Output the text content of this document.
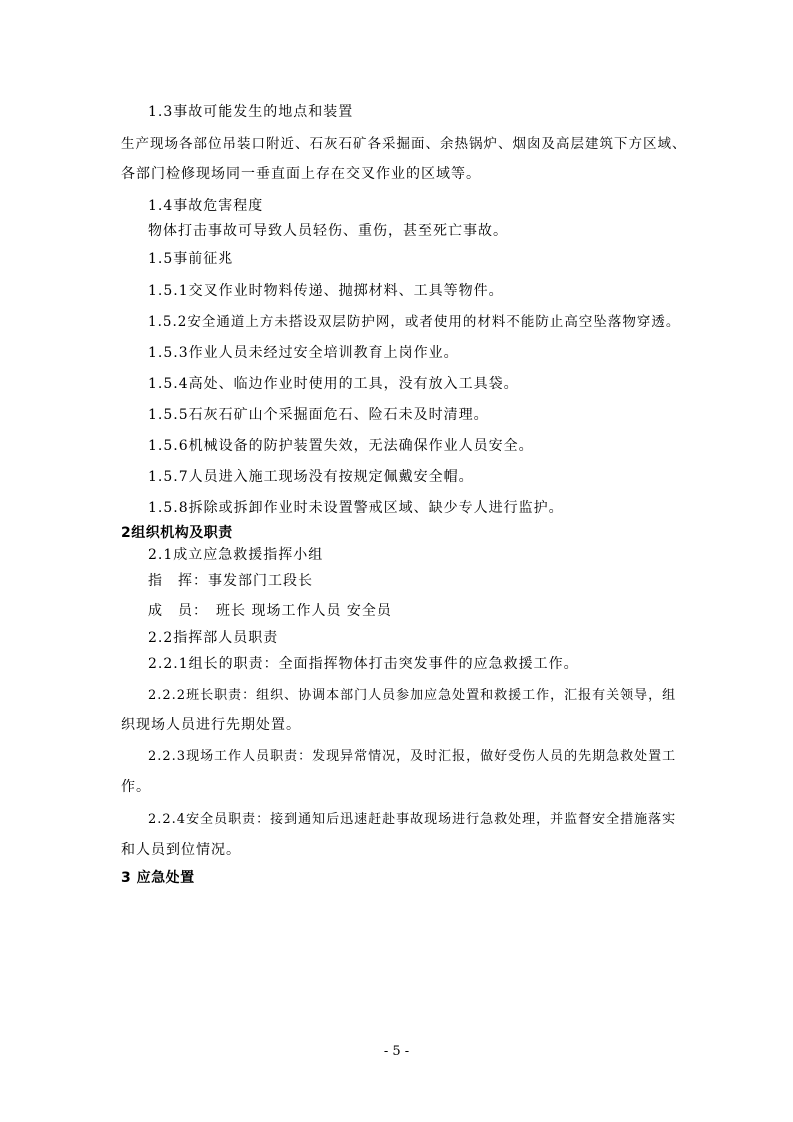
1.3事故可能发生的地点和装置
生产现场各部位吊装口附近、石灰石矿各采掘面、余热锅炉、烟囱及高层建筑下方区域、
各部门检修现场同一垂直面上存在交叉作业的区域等。
1.4事故危害程度
物体打击事故可导致人员轻伤、重伤，甚至死亡事故。
1.5事前征兆
1.5.1交叉作业时物料传递、抛掷材料、工具等物件。
1.5.2安全通道上方未搭设双层防护网，或者使用的材料不能防止高空坠落物穿透。
1.5.3作业人员未经过安全培训教育上岗作业。
1.5.4高处、临边作业时使用的工具，没有放入工具袋。
1.5.5石灰石矿山个采掘面危石、险石未及时清理。
1.5.6机械设备的防护装置失效，无法确保作业人员安全。
1.5.7人员进入施工现场没有按规定佩戴安全帽。
1.5.8拆除或拆卸作业时未设置警戒区域、缺少专人进行监护。
2组织机构及职责
2.1成立应急救援指挥小组
指　挥：事发部门工段长
成　员：　班长 现场工作人员 安全员
2.2指挥部人员职责
2.2.1组长的职责：全面指挥物体打击突发事件的应急救援工作。
2.2.2班长职责：组织、协调本部门人员参加应急处置和救援工作，汇报有关领导，组
织现场人员进行先期处置。
2.2.3现场工作人员职责：发现异常情况，及时汇报，做好受伤人员的先期急救处置工
作。
2.2.4安全员职责：接到通知后迅速赶赴事故现场进行急救处理，并监督安全措施落实
和人员到位情况。
3 应急处置
- 5 -
